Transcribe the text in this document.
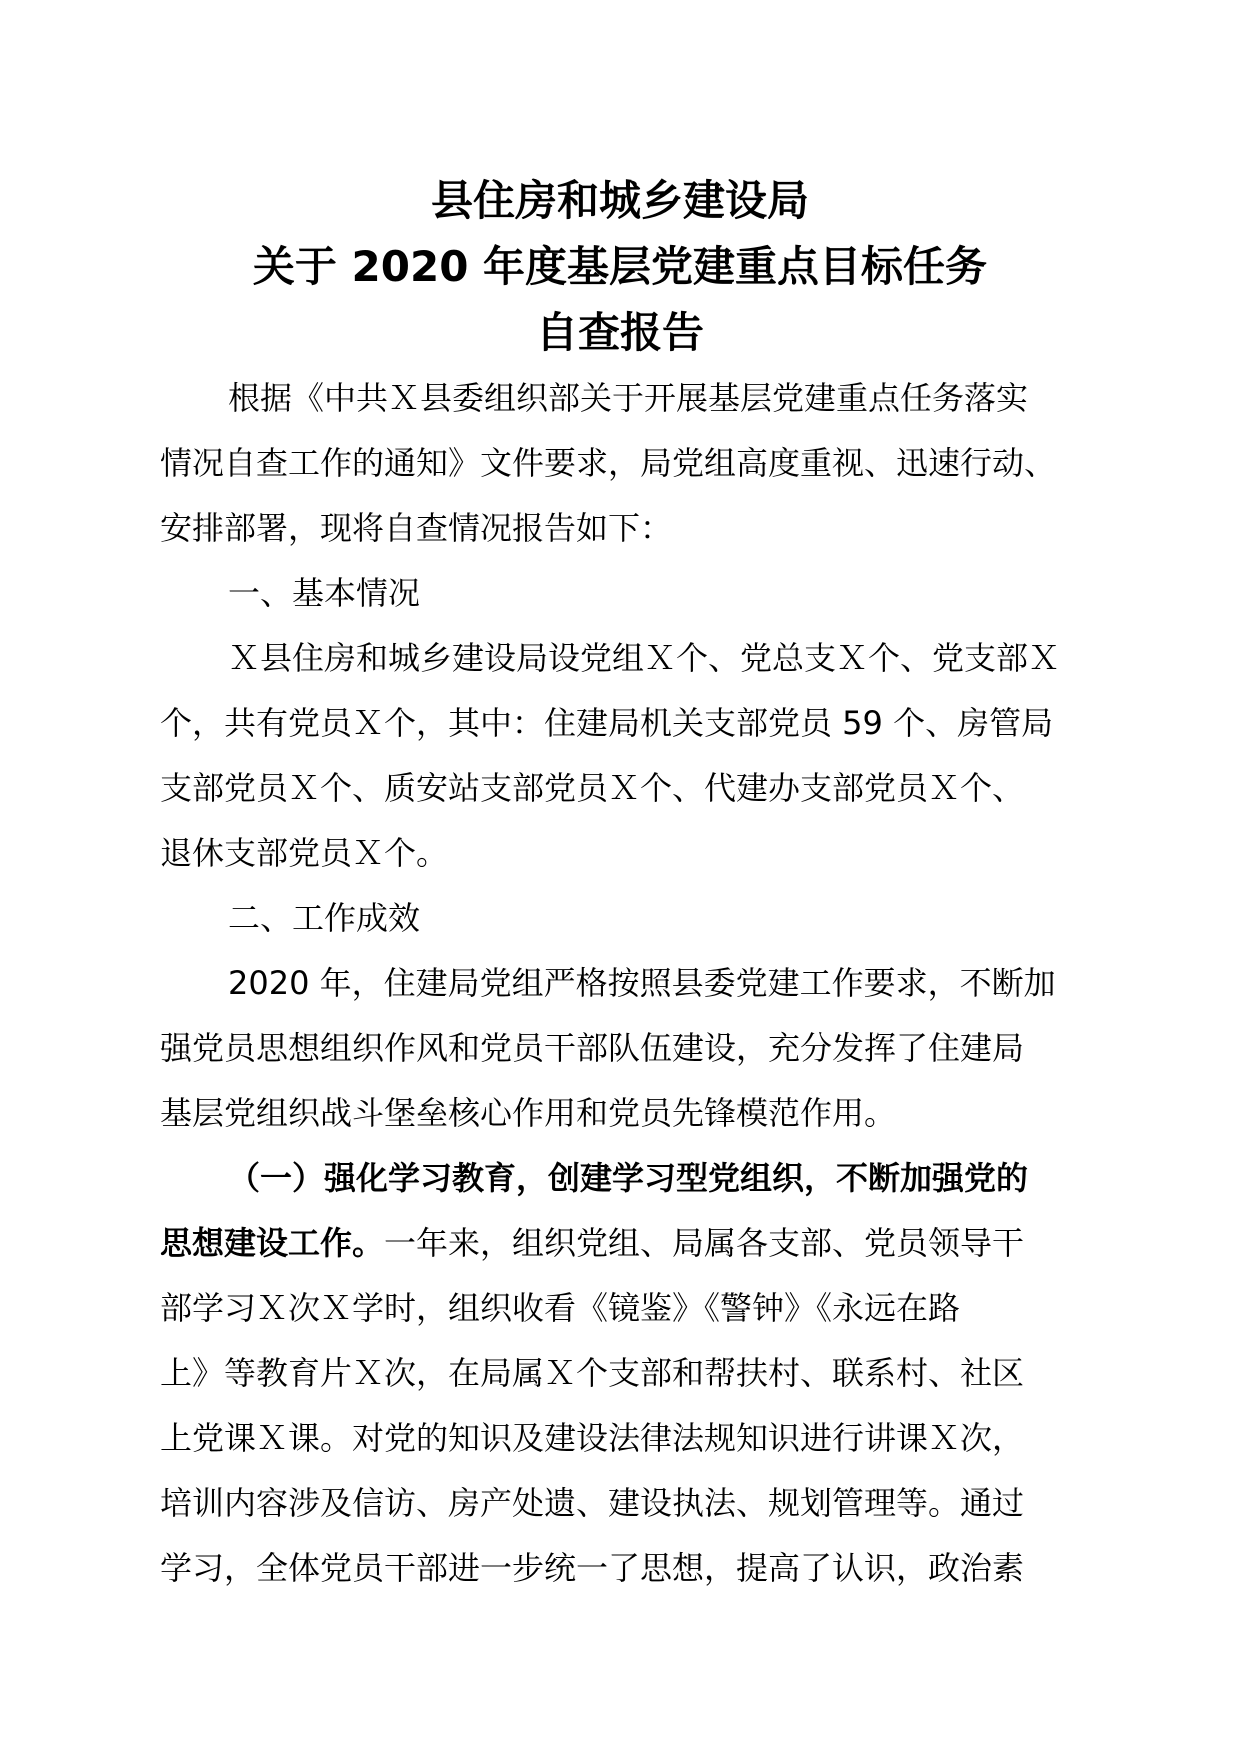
县住房和城乡建设局
关于 2020 年度基层党建重点目标任务
自查报告
根据《中共Ｘ县委组织部关于开展基层党建重点任务落实
情况自查工作的通知》文件要求，局党组高度重视、迅速行动、
安排部署，现将自查情况报告如下：
一、基本情况
Ｘ县住房和城乡建设局设党组Ｘ个、党总支Ｘ个、党支部Ｘ
个，共有党员Ｘ个，其中：住建局机关支部党员 59 个、房管局
支部党员Ｘ个、质安站支部党员Ｘ个、代建办支部党员Ｘ个、
退休支部党员Ｘ个。
二、工作成效
2020 年，住建局党组严格按照县委党建工作要求，不断加
强党员思想组织作风和党员干部队伍建设，充分发挥了住建局
基层党组织战斗堡垒核心作用和党员先锋模范作用。
（一）强化学习教育，创建学习型党组织，不断加强党的
思想建设工作。一年来，组织党组、局属各支部、党员领导干
部学习Ｘ次Ｘ学时，组织收看《镜鉴》《警钟》《永远在路
上》等教育片Ｘ次，在局属Ｘ个支部和帮扶村、联系村、社区
上党课Ｘ课。对党的知识及建设法律法规知识进行讲课Ｘ次，
培训内容涉及信访、房产处遗、建设执法、规划管理等。通过
学习，全体党员干部进一步统一了思想，提高了认识，政治素
